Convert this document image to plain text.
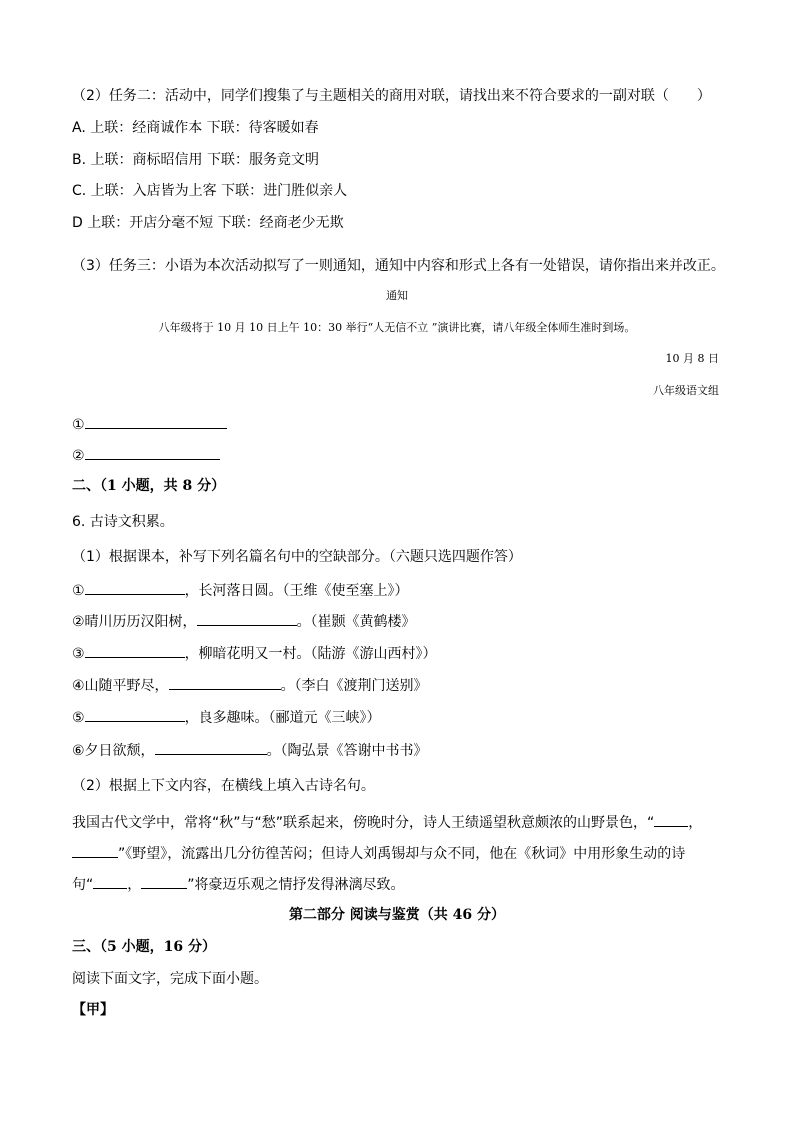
（2）任务二：活动中，同学们搜集了与主题相关的商用对联，请找出来不符合要求的一副对联（　　）
A. 上联：经商诚作本 下联：待客暖如春
B. 上联：商标昭信用 下联：服务竞文明
C. 上联：入店皆为上客 下联：进门胜似亲人
D 上联：开店分毫不短 下联：经商老少无欺
（3）任务三：小语为本次活动拟写了一则通知，通知中内容和形式上各有一处错误，请你指出来并改正。
通知
八年级将于 10 月 10 日上午 10：30 举行“人无信不立 ”演讲比赛，请八年级全体师生准时到场。
10 月 8 日
八年级语文组
①
②
二、（1 小题，共 8 分）
6. 古诗文积累。
（1）根据课本，补写下列名篇名句中的空缺部分。（六题只选四题作答）
①	，长河落日圆。（王维《使至塞上》）
②晴川历历汉阳树，	。（崔颢《黄鹤楼》
③	，柳暗花明又一村。（陆游《游山西村》）
④山随平野尽，	。（李白《渡荆门送别》
⑤	，良多趣味。（郦道元《三峡》）
⑥夕日欲颓，	。（陶弘景《答谢中书书》
（2）根据上下文内容，在横线上填入古诗名句。
我国古代文学中，常将“秋”与“愁”联系起来，傍晚时分，诗人王绩遥望秋意颇浓的山野景色，“ ，
”《野望》，流露出几分彷徨苦闷；但诗人刘禹锡却与众不同，他在《秋词》中用形象生动的诗
句“ ，	”将豪迈乐观之情抒发得淋漓尽致。
第二部分 阅读与鉴赏（共 46 分）
三、（5 小题，16 分）
阅读下面文字，完成下面小题。
【甲】
